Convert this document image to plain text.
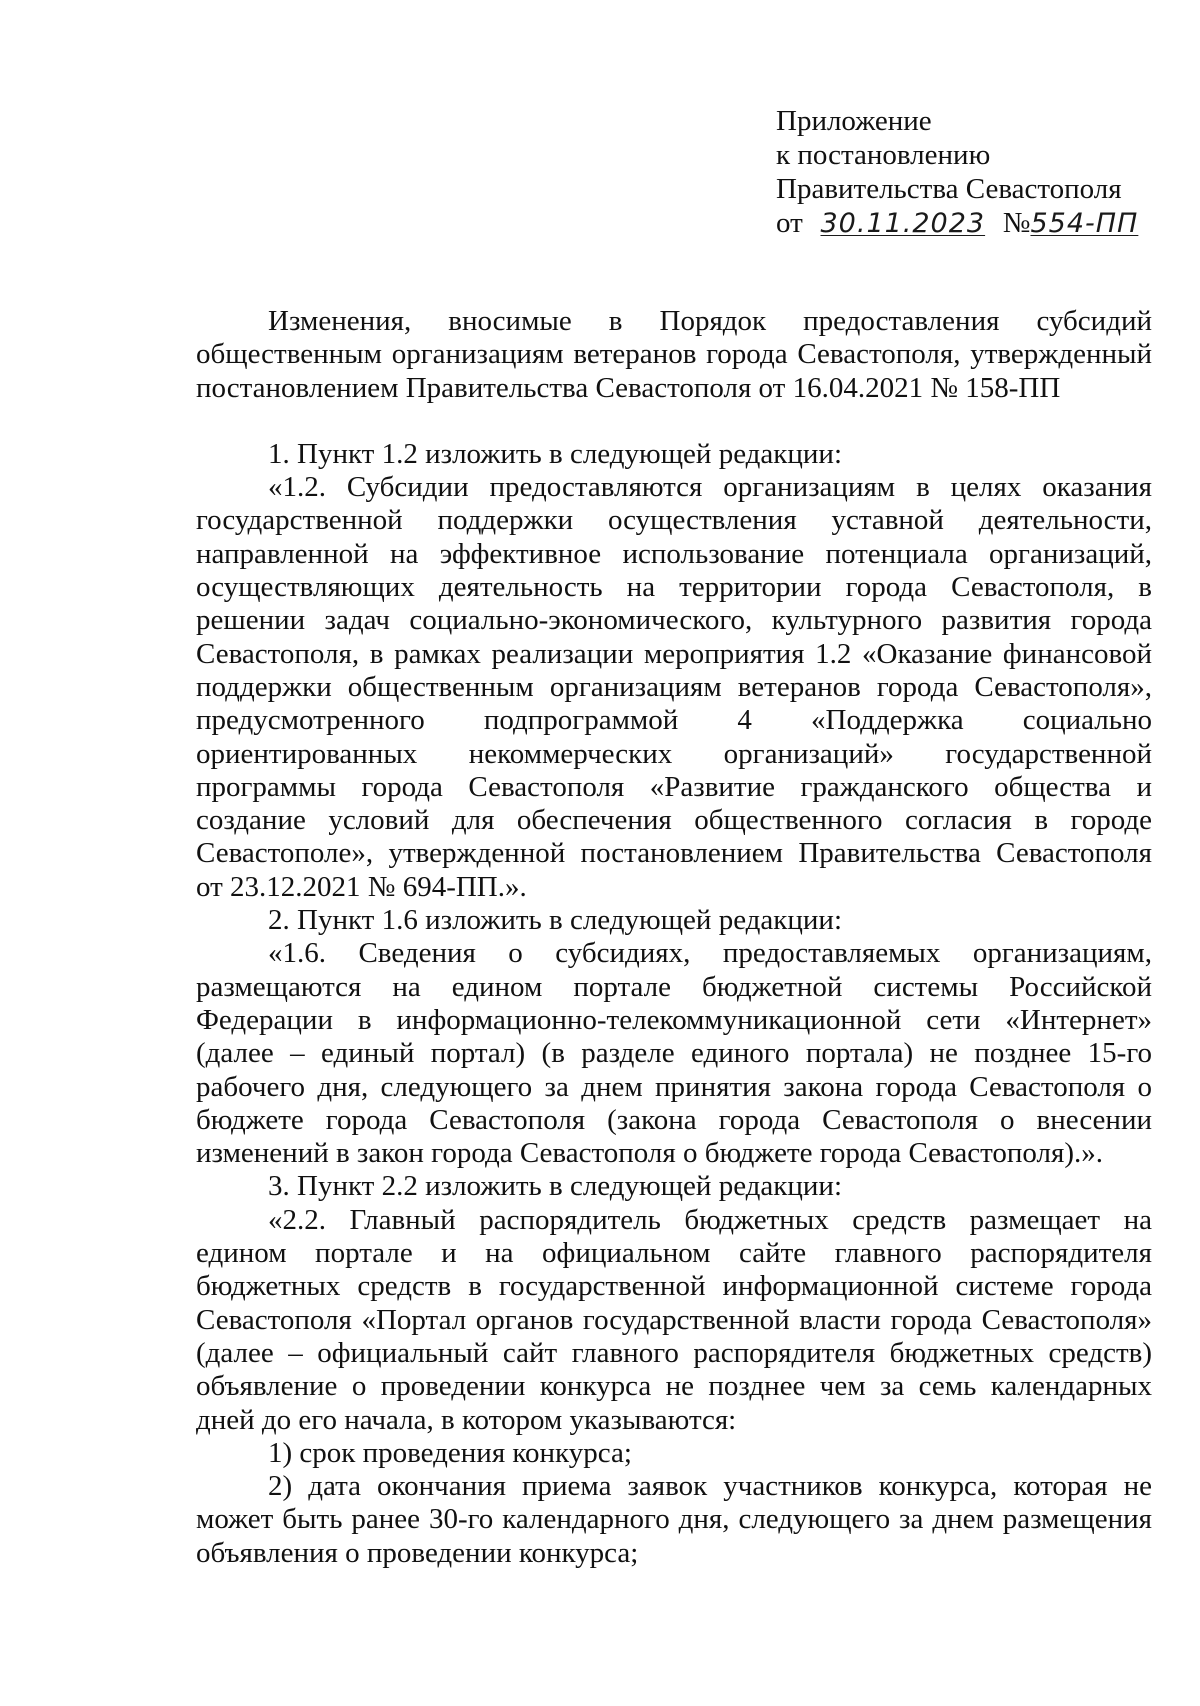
Приложение
к постановлению
Правительства Севастополя
от 30.11.2023 №554-ПП

Изменения, вносимые в Порядок предоставления субсидий общественным организациям ветеранов города Севастополя, утвержденный постановлением Правительства Севастополя от 16.04.2021 № 158-ПП

1. Пункт 1.2 изложить в следующей редакции:

«1.2. Субсидии предоставляются организациям в целях оказания государственной поддержки осуществления уставной деятельности, направленной на эффективное использование потенциала организаций, осуществляющих деятельность на территории города Севастополя, в решении задач социально-экономического, культурного развития города Севастополя, в рамках реализации мероприятия 1.2 «Оказание финансовой поддержки общественным организациям ветеранов города Севастополя», предусмотренного подпрограммой 4 «Поддержка социально ориентированных некоммерческих организаций» государственной программы города Севастополя «Развитие гражданского общества и создание условий для обеспечения общественного согласия в городе Севастополе», утвержденной постановлением Правительства Севастополя от 23.12.2021 № 694-ПП.».

2. Пункт 1.6 изложить в следующей редакции:

«1.6. Сведения о субсидиях, предоставляемых организациям, размещаются на едином портале бюджетной системы Российской Федерации в информационно-телекоммуникационной сети «Интернет» (далее – единый портал) (в разделе единого портала) не позднее 15-го рабочего дня, следующего за днем принятия закона города Севастополя о бюджете города Севастополя (закона города Севастополя о внесении изменений в закон города Севастополя о бюджете города Севастополя).».

3. Пункт 2.2 изложить в следующей редакции:

«2.2. Главный распорядитель бюджетных средств размещает на едином портале и на официальном сайте главного распорядителя бюджетных средств в государственной информационной системе города Севастополя «Портал органов государственной власти города Севастополя» (далее – официальный сайт главного распорядителя бюджетных средств) объявление о проведении конкурса не позднее чем за семь календарных дней до его начала, в котором указываются:

1) срок проведения конкурса;

2) дата окончания приема заявок участников конкурса, которая не может быть ранее 30-го календарного дня, следующего за днем размещения объявления о проведении конкурса;
